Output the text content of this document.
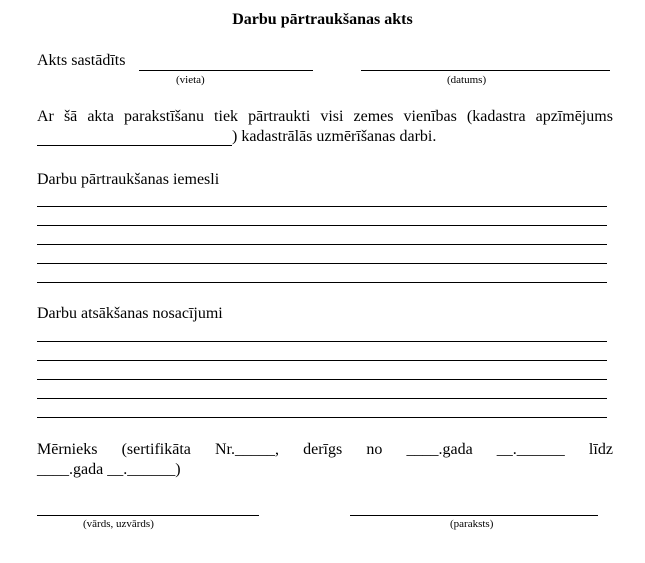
Darbu pārtraukšanas akts
Akts sastādīts
(vieta)	(datums)
Ar šā akta parakstīšanu tiek pārtraukti visi zemes vienības (kadastra apzīmējums
) kadastrālās uzmērīšanas darbi.
Darbu pārtraukšanas iemesli
Darbu atsākšanas nosacījumi
Mērnieks (sertifikāta Nr._____, derīgs no ____.gada __.______ līdz
____.gada __.______)
(vārds, uzvārds)	(paraksts)
